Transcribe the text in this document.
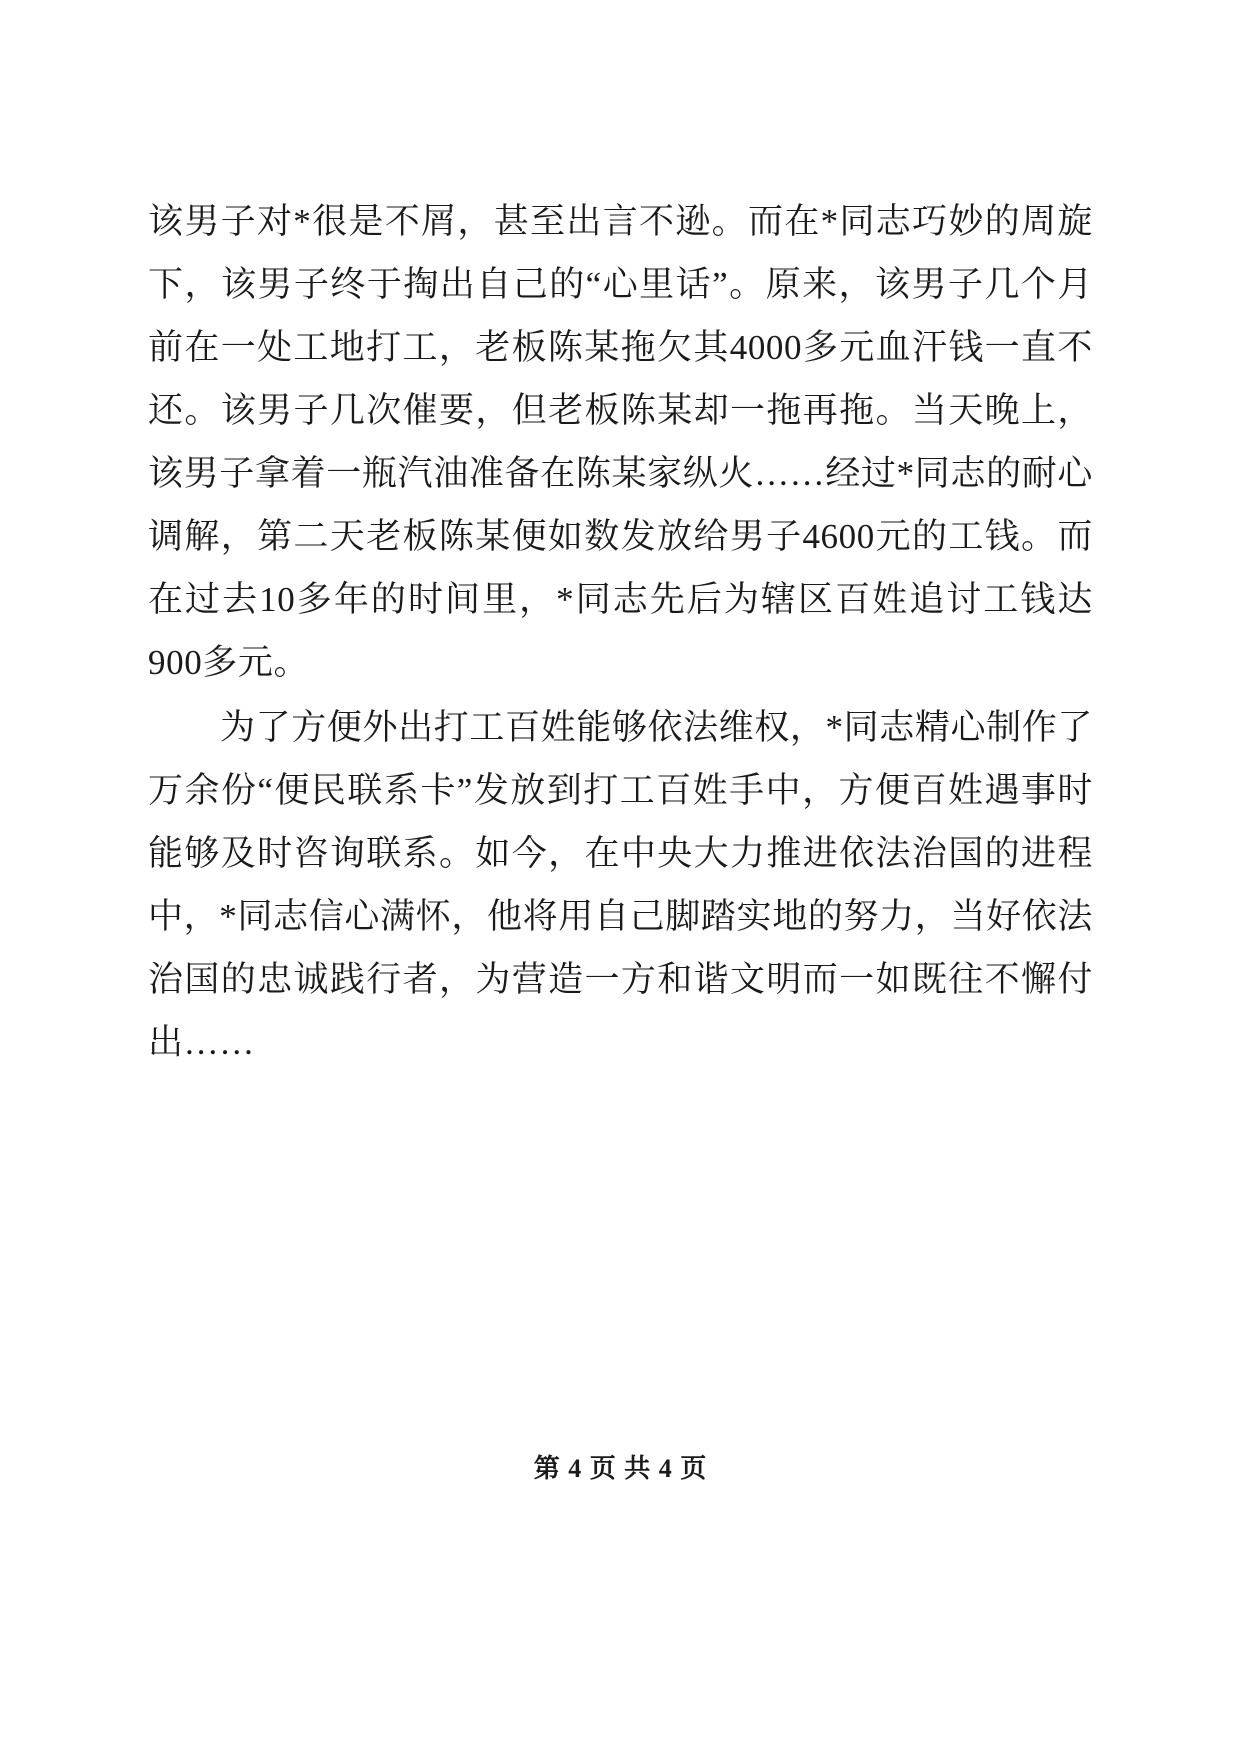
该男子对*很是不屑，甚至出言不逊。而在*同志巧妙的周旋下，该男子终于掏出自己的“心里话”。原来，该男子几个月前在一处工地打工，老板陈某拖欠其4000多元血汗钱一直不还。该男子几次催要，但老板陈某却一拖再拖。当天晚上，该男子拿着一瓶汽油准备在陈某家纵火……经过*同志的耐心调解，第二天老板陈某便如数发放给男子4600元的工钱。而在过去10多年的时间里，*同志先后为辖区百姓追讨工钱达900多元。

为了方便外出打工百姓能够依法维权，*同志精心制作了万余份“便民联系卡”发放到打工百姓手中，方便百姓遇事时能够及时咨询联系。如今，在中央大力推进依法治国的进程中，*同志信心满怀，他将用自己脚踏实地的努力，当好依法治国的忠诚践行者，为营造一方和谐文明而一如既往不懈付出……

第 4 页 共 4 页
